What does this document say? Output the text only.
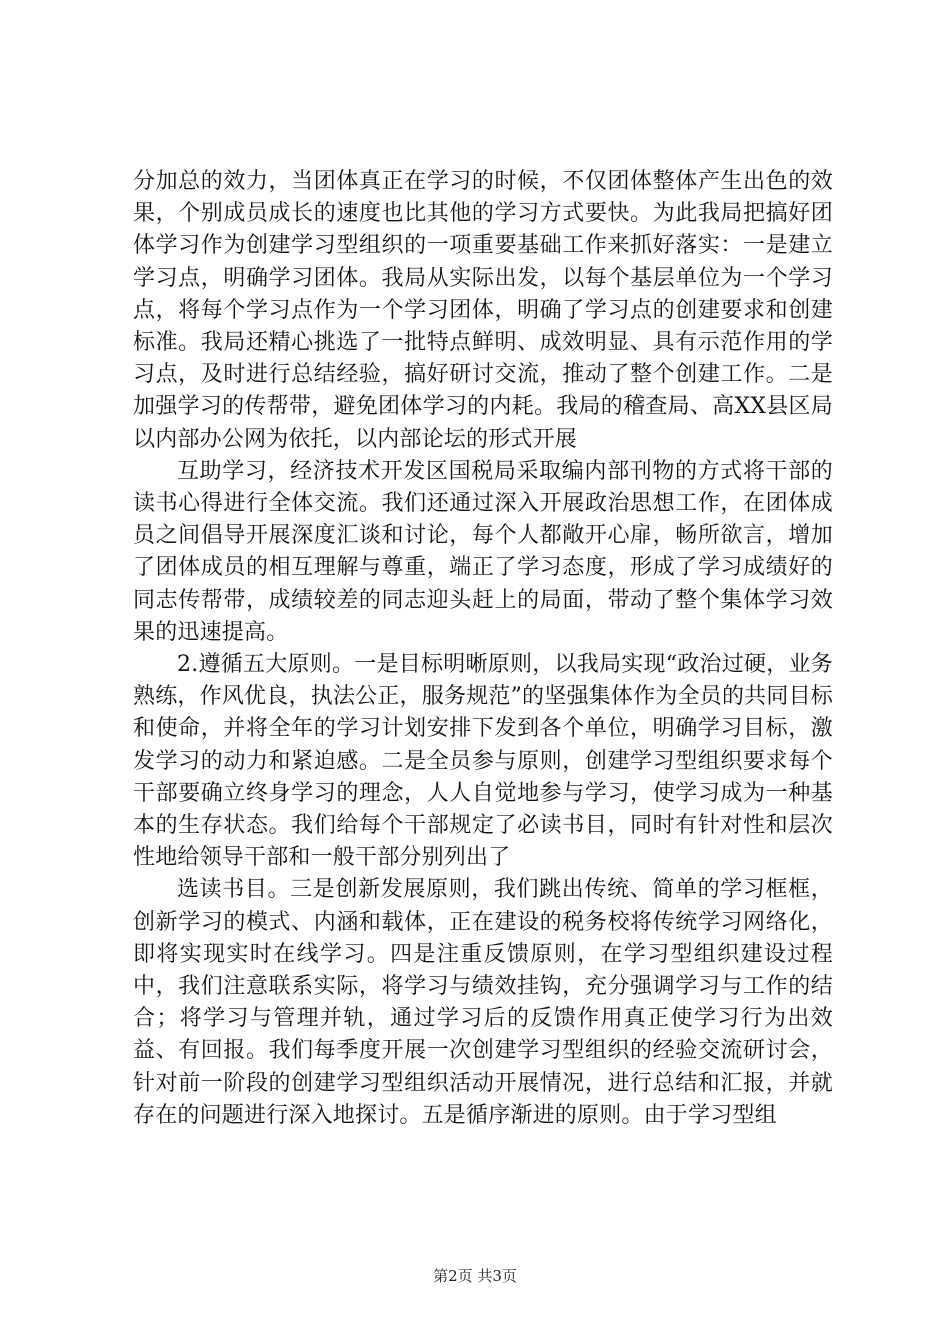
分加总的效力，当团体真正在学习的时候，不仅团体整体产生出色的效果，个别成员成长的速度也比其他的学习方式要快。为此我局把搞好团体学习作为创建学习型组织的一项重要基础工作来抓好落实：一是建立学习点，明确学习团体。我局从实际出发，以每个基层单位为一个学习点，将每个学习点作为一个学习团体，明确了学习点的创建要求和创建标准。我局还精心挑选了一批特点鲜明、成效明显、具有示范作用的学习点，及时进行总结经验，搞好研讨交流，推动了整个创建工作。二是加强学习的传帮带，避免团体学习的内耗。我局的稽查局、高XX县区局以内部办公网为依托，以内部论坛的形式开展

互助学习，经济技术开发区国税局采取编内部刊物的方式将干部的读书心得进行全体交流。我们还通过深入开展政治思想工作，在团体成员之间倡导开展深度汇谈和讨论，每个人都敞开心扉，畅所欲言，增加了团体成员的相互理解与尊重，端正了学习态度，形成了学习成绩好的同志传帮带，成绩较差的同志迎头赶上的局面，带动了整个集体学习效果的迅速提高。

2.遵循五大原则。一是目标明晰原则，以我局实现“政治过硬，业务熟练，作风优良，执法公正，服务规范”的坚强集体作为全员的共同目标和使命，并将全年的学习计划安排下发到各个单位，明确学习目标，激发学习的动力和紧迫感。二是全员参与原则，创建学习型组织要求每个干部要确立终身学习的理念，人人自觉地参与学习，使学习成为一种基本的生存状态。我们给每个干部规定了必读书目，同时有针对性和层次性地给领导干部和一般干部分别列出了

选读书目。三是创新发展原则，我们跳出传统、简单的学习框框，创新学习的模式、内涵和载体，正在建设的税务校将传统学习网络化，即将实现实时在线学习。四是注重反馈原则，在学习型组织建设过程中，我们注意联系实际，将学习与绩效挂钩，充分强调学习与工作的结合；将学习与管理并轨，通过学习后的反馈作用真正使学习行为出效益、有回报。我们每季度开展一次创建学习型组织的经验交流研讨会，针对前一阶段的创建学习型组织活动开展情况，进行总结和汇报，并就存在的问题进行深入地探讨。五是循序渐进的原则。由于学习型组

第2页 共3页
